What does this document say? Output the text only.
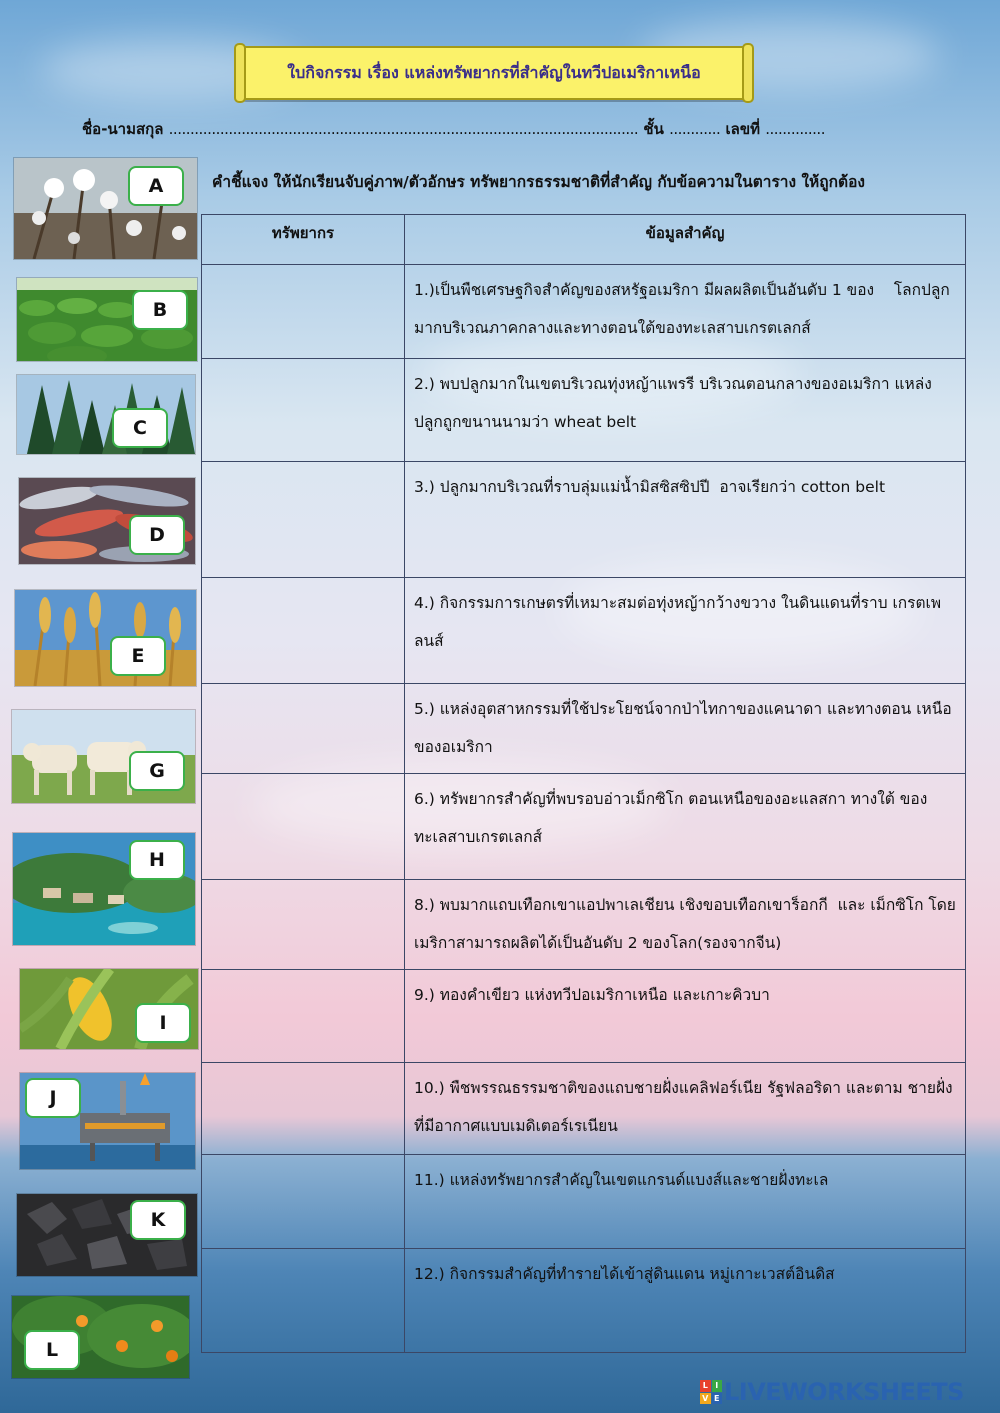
ใบกิจกรรม เรื่อง แหล่งทรัพยากรที่สำคัญในทวีปอเมริกาเหนือ
ชื่อ-นามสกุล .............................................................................................................. ชั้น ............ เลขที่ ..............
คำชี้แจง ให้นักเรียนจับคู่ภาพ/ตัวอักษร ทรัพยากรธรรมชาติที่สำคัญ กับข้อความในตาราง ให้ถูกต้อง
ทรัพยากร	ข้อมูลสำคัญ
	1.)เป็นพืชเศรษฐกิจสำคัญของสหรัฐอเมริกา มีผลผลิตเป็นอันดับ 1 ของ    โลกปลูกมากบริเวณภาคกลางและทางตอนใต้ของทะเลสาบเกรตเลกส์
	2.) พบปลูกมากในเขตบริเวณทุ่งหญ้าแพรรี บริเวณตอนกลางของอเมริกา แหล่งปลูกถูกขนานนามว่า wheat belt
	3.) ปลูกมากบริเวณที่ราบลุ่มแม่น้ำมิสซิสซิปปี  อาจเรียกว่า cotton belt
	4.) กิจกรรมการเกษตรที่เหมาะสมต่อทุ่งหญ้ากว้างขวาง ในดินแดนที่ราบ เกรตเพลนส์
	5.) แหล่งอุตสาหกรรมที่ใช้ประโยชน์จากป่าไทกาของแคนาดา และทางตอน เหนือของอเมริกา
	6.) ทรัพยากรสำคัญที่พบรอบอ่าวเม็กซิโก ตอนเหนือของอะแลสกา ทางใต้ ของทะเลสาบเกรตเลกส์
	8.) พบมากแถบเทือกเขาแอปพาเลเชียน เชิงขอบเทือกเขาร็อกกี  และ เม็กซิโก โดยเมริกาสามารถผลิตได้เป็นอันดับ 2 ของโลก(รองจากจีน)
	9.) ทองคำเขียว แห่งทวีปอเมริกาเหนือ และเกาะคิวบา
	10.) พืชพรรณธรรมชาติของแถบชายฝั่งแคลิฟอร์เนีย รัฐฟลอริดา และตาม ชายฝั่งที่มีอากาศแบบเมดิเตอร์เรเนียน
	11.) แหล่งทรัพยากรสำคัญในเขตแกรนด์แบงส์และชายฝั่งทะเล
	12.) กิจกรรมสำคัญที่ทำรายได้เข้าสู่ดินแดน หมู่เกาะเวสต์อินดิส
A
B
C
D
E
G
H
I
J
K
L
L I
V E LIVEWORKSHEETS
